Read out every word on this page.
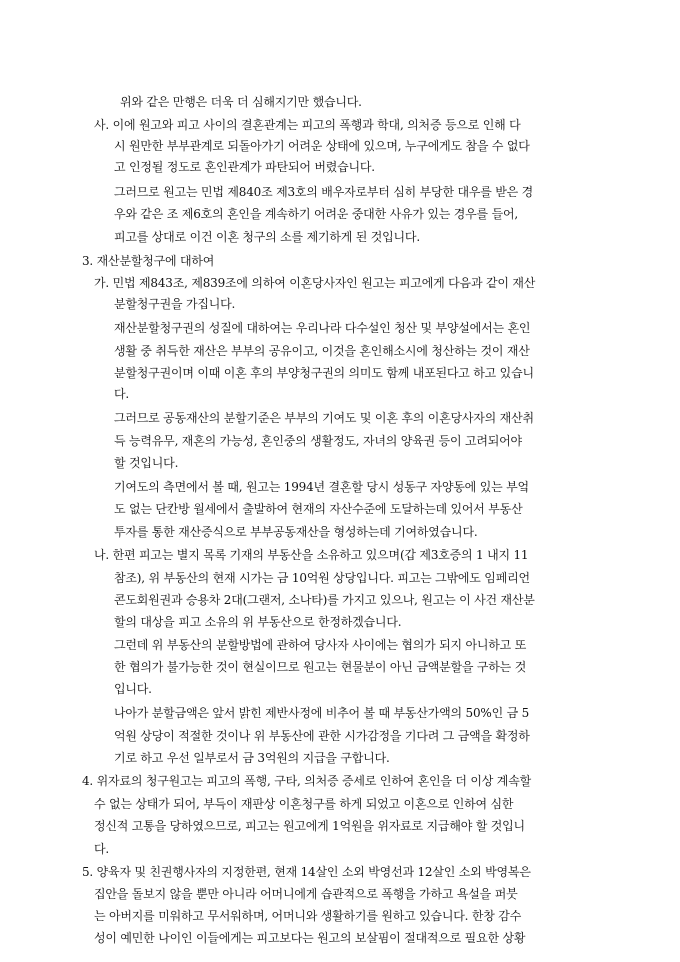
위와 같은 만행은 더욱 더 심해지기만 했습니다.
사. 이에 원고와 피고 사이의 결혼관계는 피고의 폭행과 학대, 의처증 등으로 인해 다
시 원만한 부부관계로 되돌아가기 어려운 상태에 있으며, 누구에게도 참을 수 없다
고 인정될 정도로 혼인관계가 파탄되어 버렸습니다.
그러므로 원고는 민법 제840조 제3호의 배우자로부터 심히 부당한 대우를 받은 경
우와 같은 조 제6호의 혼인을 계속하기 어려운 중대한 사유가 있는 경우를 들어,
피고를 상대로 이건 이혼 청구의 소를 제기하게 된 것입니다.
3. 재산분할청구에 대하여
가. 민법 제843조, 제839조에 의하여 이혼당사자인 원고는 피고에게 다음과 같이 재산
분할청구권을 가집니다.
재산분할청구권의 성질에 대하여는 우리나라 다수설인 청산 및 부양설에서는 혼인
생활 중 취득한 재산은 부부의 공유이고, 이것을 혼인해소시에 청산하는 것이 재산
분할청구권이며 이때 이혼 후의 부양청구권의 의미도 함께 내포된다고 하고 있습니
다.
그러므로 공동재산의 분할기준은 부부의 기여도 및 이혼 후의 이혼당사자의 재산취
득 능력유무, 재혼의 가능성, 혼인중의 생활정도, 자녀의 양육권 등이 고려되어야
할 것입니다.
기여도의 측면에서 볼 때, 원고는 1994년 결혼할 당시 성동구 자양동에 있는 부엌
도 없는 단칸방 월세에서 출발하여 현재의 자산수준에 도달하는데 있어서 부동산
투자를 통한 재산증식으로 부부공동재산을 형성하는데 기여하였습니다.
나. 한편 피고는 별지 목록 기재의 부동산을 소유하고 있으며(갑 제3호증의 1 내지 11
참조), 위 부동산의 현재 시가는 금 10억원 상당입니다. 피고는 그밖에도 임페리언
콘도회원권과 승용차 2대(그랜저, 소나타)를 가지고 있으나, 원고는 이 사건 재산분
할의 대상을 피고 소유의 위 부동산으로 한정하겠습니다.
그런데 위 부동산의 분할방법에 관하여 당사자 사이에는 협의가 되지 아니하고 또
한 협의가 불가능한 것이 현실이므로 원고는 현물분이 아닌 금액분할을 구하는 것
입니다.
나아가 분할금액은 앞서 밝힌 제반사정에 비추어 볼 때 부동산가액의 50%인 금 5
억원 상당이 적절한 것이나 위 부동산에 관한 시가감정을 기다려 그 금액을 확정하
기로 하고 우선 일부로서 금 3억원의 지급을 구합니다.
4. 위자료의 청구원고는 피고의 폭행, 구타, 의처증 증세로 인하여 혼인을 더 이상 계속할
수 없는 상태가 되어, 부득이 재판상 이혼청구를 하게 되었고 이혼으로 인하여 심한
정신적 고통을 당하였으므로, 피고는 원고에게 1억원을 위자료로 지급해야 할 것입니
다.
5. 양육자 및 친권행사자의 지정한편, 현재 14살인 소외 박영선과 12살인 소외 박영복은
집안을 돌보지 않을 뿐만 아니라 어머니에게 습관적으로 폭행을 가하고 욕설을 퍼붓
는 아버지를 미워하고 무서워하며, 어머니와 생활하기를 원하고 있습니다. 한창 감수
성이 예민한 나이인 이들에게는 피고보다는 원고의 보살핌이 절대적으로 필요한 상황
